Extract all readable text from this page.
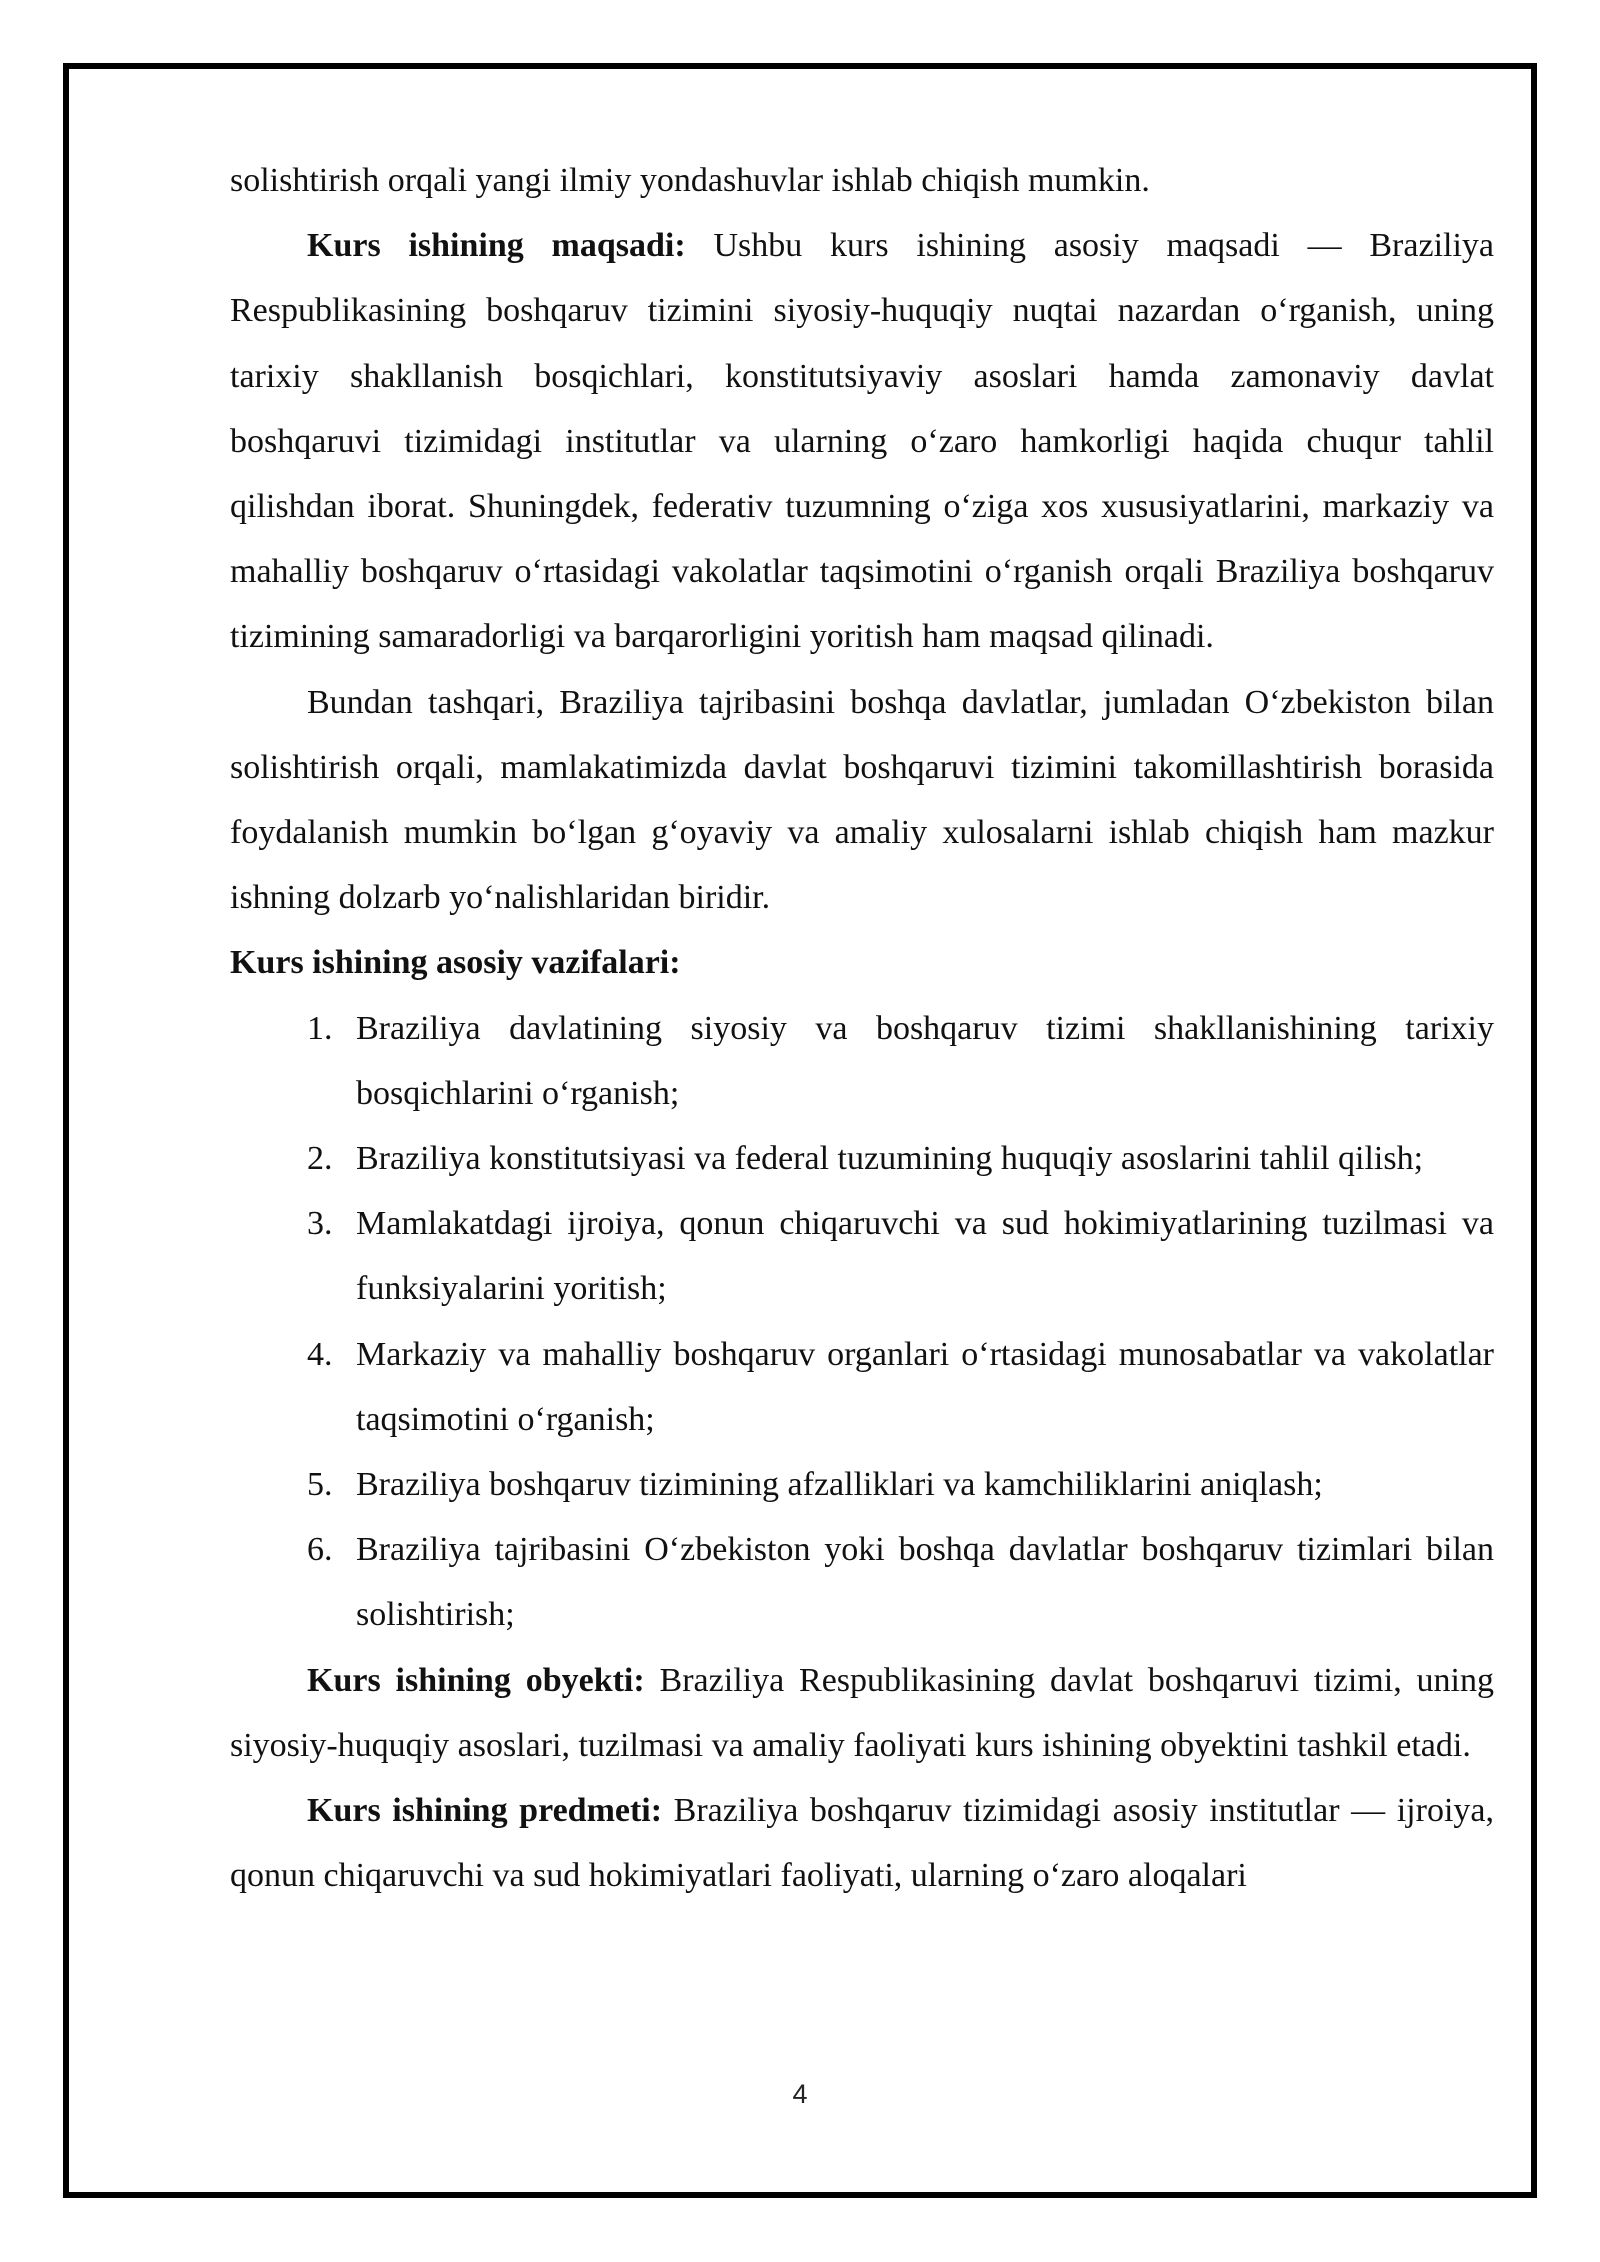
solishtirish orqali yangi ilmiy yondashuvlar ishlab chiqish mumkin.

Kurs ishining maqsadi: Ushbu kurs ishining asosiy maqsadi — Braziliya Respublikasining boshqaruv tizimini siyosiy-huquqiy nuqtai nazardan o‘rganish, uning tarixiy shakllanish bosqichlari, konstitutsiyaviy asoslari hamda zamonaviy davlat boshqaruvi tizimidagi institutlar va ularning o‘zaro hamkorligi haqida chuqur tahlil qilishdan iborat. Shuningdek, federativ tuzumning o‘ziga xos xususiyatlarini, markaziy va mahalliy boshqaruv o‘rtasidagi vakolatlar taqsimotini o‘rganish orqali Braziliya boshqaruv tizimining samaradorligi va barqarorligini yoritish ham maqsad qilinadi.

Bundan tashqari, Braziliya tajribasini boshqa davlatlar, jumladan O‘zbekiston bilan solishtirish orqali, mamlakatimizda davlat boshqaruvi tizimini takomillashtirish borasida foydalanish mumkin bo‘lgan g‘oyaviy va amaliy xulosalarni ishlab chiqish ham mazkur ishning dolzarb yo‘nalishlaridan biridir.

Kurs ishining asosiy vazifalari:

1. Braziliya davlatining siyosiy va boshqaruv tizimi shakllanishining tarixiy bosqichlarini o‘rganish;
2. Braziliya konstitutsiyasi va federal tuzumining huquqiy asoslarini tahlil qilish;
3. Mamlakatdagi ijroiya, qonun chiqaruvchi va sud hokimiyatlarining tuzilmasi va funksiyalarini yoritish;
4. Markaziy va mahalliy boshqaruv organlari o‘rtasidagi munosabatlar va vakolatlar taqsimotini o‘rganish;
5. Braziliya boshqaruv tizimining afzalliklari va kamchiliklarini aniqlash;
6. Braziliya tajribasini O‘zbekiston yoki boshqa davlatlar boshqaruv tizimlari bilan solishtirish;

Kurs ishining obyekti: Braziliya Respublikasining davlat boshqaruvi tizimi, uning siyosiy-huquqiy asoslari, tuzilmasi va amaliy faoliyati kurs ishining obyektini tashkil etadi.

Kurs ishining predmeti: Braziliya boshqaruv tizimidagi asosiy institutlar — ijroiya, qonun chiqaruvchi va sud hokimiyatlari faoliyati, ularning o‘zaro aloqalari

4
